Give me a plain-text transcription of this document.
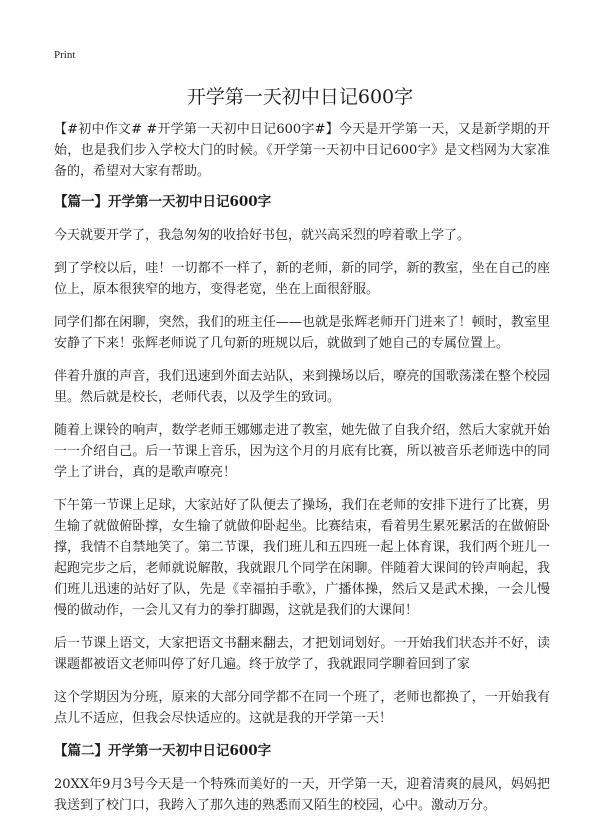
Print
开学第一天初中日记600字

【#初中作文# #开学第一天初中日记600字#】今天是开学第一天，又是新学期的开始，也是我们步入学校大门的时候。《开学第一天初中日记600字》是文档网为大家准备的，希望对大家有帮助。

【篇一】开学第一天初中日记600字

今天就要开学了，我急匆匆的收拾好书包，就兴高采烈的哼着歌上学了。

到了学校以后，哇！一切都不一样了，新的老师，新的同学，新的教室，坐在自己的座位上，原本很狭窄的地方，变得老宽，坐在上面很舒服。

同学们都在闲聊，突然，我们的班主任——也就是张辉老师开门进来了！顿时，教室里安静了下来！张辉老师说了几句新的班规以后，就做到了她自己的专属位置上。

伴着升旗的声音，我们迅速到外面去站队，来到操场以后，嘹亮的国歌荡漾在整个校园里。然后就是校长，老师代表，以及学生的致词。

随着上课铃的响声，数学老师王娜娜走进了教室，她先做了自我介绍，然后大家就开始一一介绍自己。后一节课上音乐，因为这个月的月底有比赛，所以被音乐老师选中的同学上了讲台，真的是歌声嘹亮！

下午第一节课上足球，大家站好了队便去了操场，我们在老师的安排下进行了比赛，男生输了就做俯卧撑，女生输了就做仰卧起坐。比赛结束，看着男生累死累活的在做俯卧撑，我情不自禁地笑了。第二节课，我们班儿和五四班一起上体育课，我们两个班儿一起跑完步之后，老师就说解散，我就跟几个同学在闲聊。伴随着大课间的铃声响起，我们班儿迅速的站好了队，先是《幸福拍手歌》，广播体操，然后又是武术操，一会儿慢慢的做动作，一会儿又有力的拳打脚踢，这就是我们的大课间！

后一节课上语文，大家把语文书翻来翻去，才把划词划好。一开始我们状态并不好，读课题都被语文老师叫停了好几遍。终于放学了，我就跟同学聊着回到了家

这个学期因为分班，原来的大部分同学都不在同一个班了，老师也都换了，一开始我有点儿不适应，但我会尽快适应的。这就是我的开学第一天！

【篇二】开学第一天初中日记600字

20XX年9月3号今天是一个特殊而美好的一天，开学第一天，迎着清爽的晨风，妈妈把我送到了校门口，我跨入了那久违的熟悉而又陌生的校园，心中。激动万分。
